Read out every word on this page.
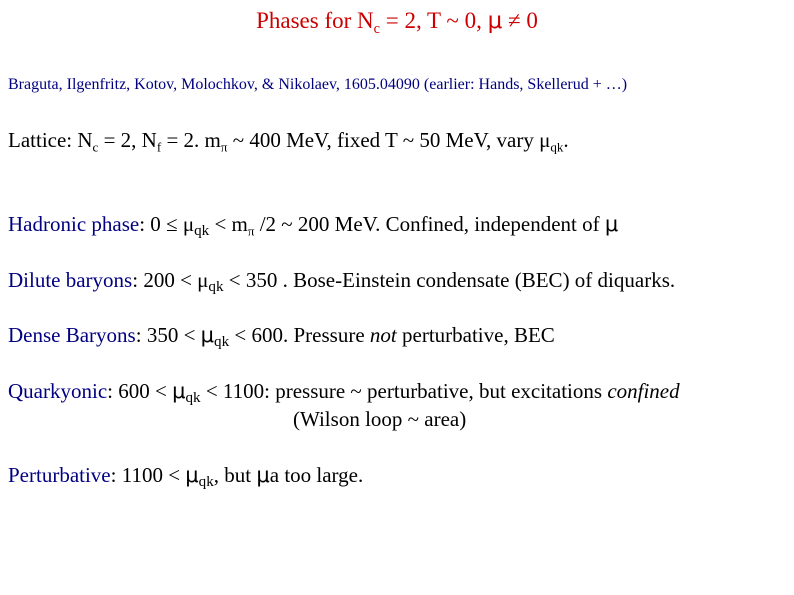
Phases for $N_c = 2$, T ~ 0, μ ≠ 0
Braguta, Ilgenfritz, Kotov, Molochkov, & Nikolaev, 1605.04090 (earlier: Hands, Skellerud + …)
Lattice: $N_c = 2$, $N_f = 2$. $m_\pi$ ~ 400 MeV, fixed T ~ 50 MeV, vary $\mu_{qk}$.
Hadronic phase: $0 \le \mu_{qk} < m_\pi$ /2 ~ 200 MeV. Confined, independent of μ
Dilute baryons: $200 < \mu_{qk} < 350$ . Bose-Einstein condensate (BEC) of diquarks.
Dense Baryons: $350 < \mu_{qk} < 600$. Pressure not perturbative, BEC
Quarkyonic: $600 < \mu_{qk} < 1100$: pressure ~ perturbative, but excitations confined
(Wilson loop ~ area)
Perturbative: $1100 < \mu_{qk}$, but μa too large.
